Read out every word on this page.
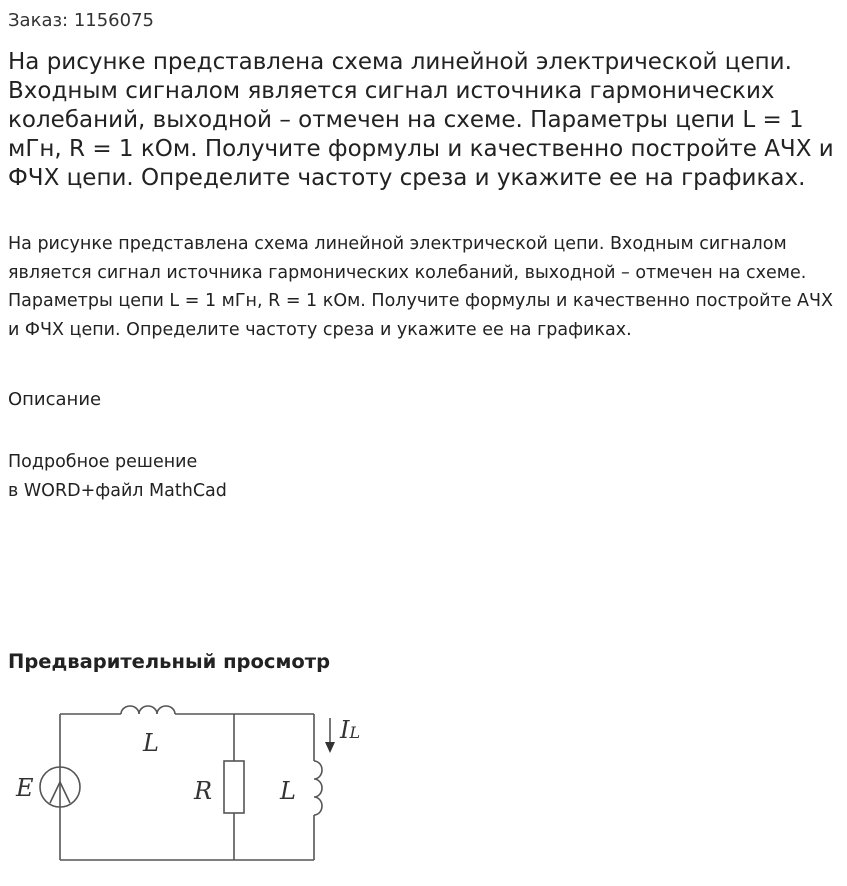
Заказ: 1156075
На рисунке представлена схема линейной электрической цепи. Входным сигналом является сигнал источника гармонических колебаний, выходной – отмечен на схеме. Параметры цепи L = 1 мГн, R = 1 кОм. Получите формулы и качественно постройте АЧХ и ФЧХ цепи. Определите частоту среза и укажите ее на графиках.

На рисунке представлена схема линейной электрической цепи. Входным сигналом является сигнал источника гармонических колебаний, выходной – отмечен на схеме. Параметры цепи L = 1 мГн, R = 1 кОм. Получите формулы и качественно постройте АЧХ и ФЧХ цепи. Определите частоту среза и укажите ее на графиках.

Описание
Подробное решение
в WORD+файл MathCad
Предварительный просмотр
E
L
R	L
IL
